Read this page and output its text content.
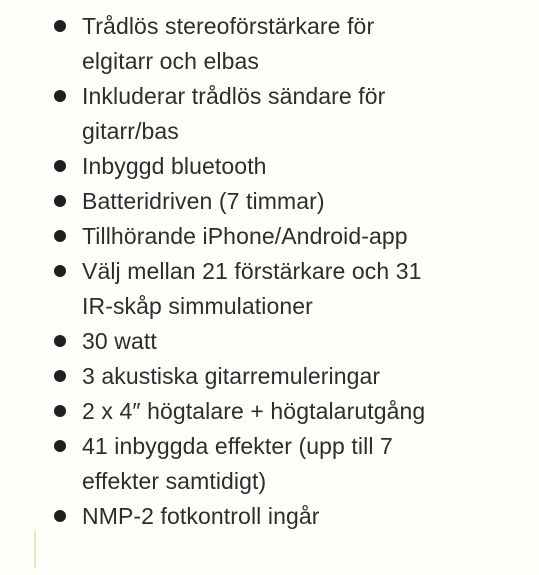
Trådlös stereoförstärkare för
elgitarr och elbas
Inkluderar trådlös sändare för
gitarr/bas
Inbyggd bluetooth
Batteridriven (7 timmar)
Tillhörande iPhone/Android-app
Välj mellan 21 förstärkare och 31
IR-skåp simmulationer
30 watt
3 akustiska gitarremuleringar
2 x 4″ högtalare + högtalarutgång
41 inbyggda effekter (upp till 7
effekter samtidigt)
NMP-2 fotkontroll ingår
